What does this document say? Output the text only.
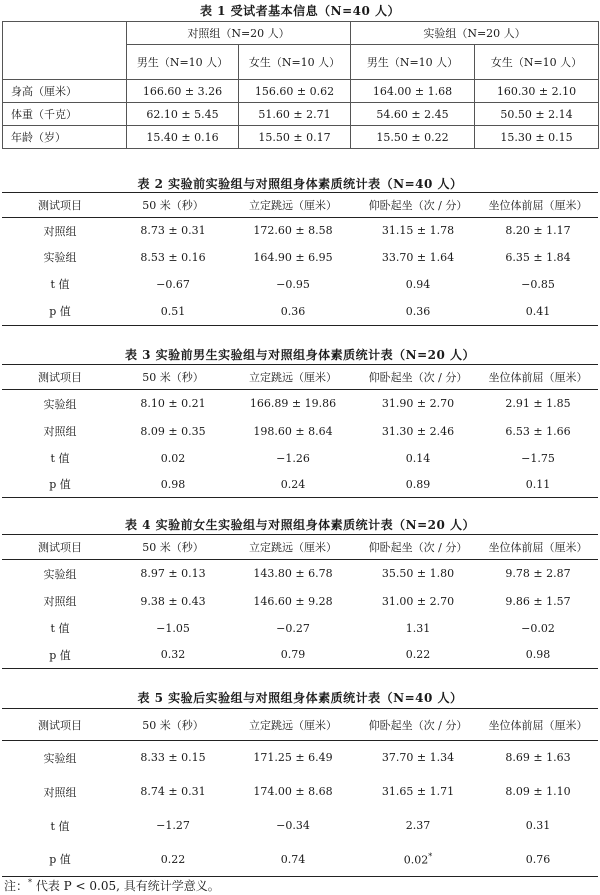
表 1 受试者基本信息（N=40 人）
	对照组（N=20 人）		实验组（N=20 人）	
	男生（N=10 人）	女生（N=10 人）	男生（N=10 人）	女生（N=10 人）
身高（厘米）	166.60 ± 3.26	156.60 ± 0.62	164.00 ± 1.68	160.30 ± 2.10
体重（千克）	62.10 ± 5.45	51.60 ± 2.71	54.60 ± 2.45	50.50 ± 2.14
年龄（岁）	15.40 ± 0.16	15.50 ± 0.17	15.50 ± 0.22	15.30 ± 0.15
表 2 实验前实验组与对照组身体素质统计表（N=40 人）
测试项目	50 米（秒）	立定跳远（厘米）	仰卧起坐（次 / 分）	坐位体前屈（厘米）
对照组	8.73 ± 0.31	172.60 ± 8.58	31.15 ± 1.78	8.20 ± 1.17
实验组	8.53 ± 0.16	164.90 ± 6.95	33.70 ± 1.64	6.35 ± 1.84
t 值	−0.67	−0.95	0.94	−0.85
p 值	0.51	0.36	0.36	0.41
表 3 实验前男生实验组与对照组身体素质统计表（N=20 人）
测试项目	50 米（秒）	立定跳远（厘米）	仰卧起坐（次 / 分）	坐位体前屈（厘米）
实验组	8.10 ± 0.21	166.89 ± 19.86	31.90 ± 2.70	2.91 ± 1.85
对照组	8.09 ± 0.35	198.60 ± 8.64	31.30 ± 2.46	6.53 ± 1.66
t 值	0.02	−1.26	0.14	−1.75
p 值	0.98	0.24	0.89	0.11
表 4 实验前女生实验组与对照组身体素质统计表（N=20 人）
测试项目	50 米（秒）	立定跳远（厘米）	仰卧起坐（次 / 分）	坐位体前屈（厘米）
实验组	8.97 ± 0.13	143.80 ± 6.78	35.50 ± 1.80	9.78 ± 2.87
对照组	9.38 ± 0.43	146.60 ± 9.28	31.00 ± 2.70	9.86 ± 1.57
t 值	−1.05	−0.27	1.31	−0.02
p 值	0.32	0.79	0.22	0.98
表 5 实验后实验组与对照组身体素质统计表（N=40 人）
测试项目	50 米（秒）	立定跳远（厘米）	仰卧起坐（次 / 分）	坐位体前屈（厘米）
实验组	8.33 ± 0.15	171.25 ± 6.49	37.70 ± 1.34	8.69 ± 1.63
对照组	8.74 ± 0.31	174.00 ± 8.68	31.65 ± 1.71	8.09 ± 1.10
t 值	−1.27	−0.34	2.37	0.31
p 值	0.22	0.74	0.02*	0.76
注：* 代表 P < 0.05, 具有统计学意义。
